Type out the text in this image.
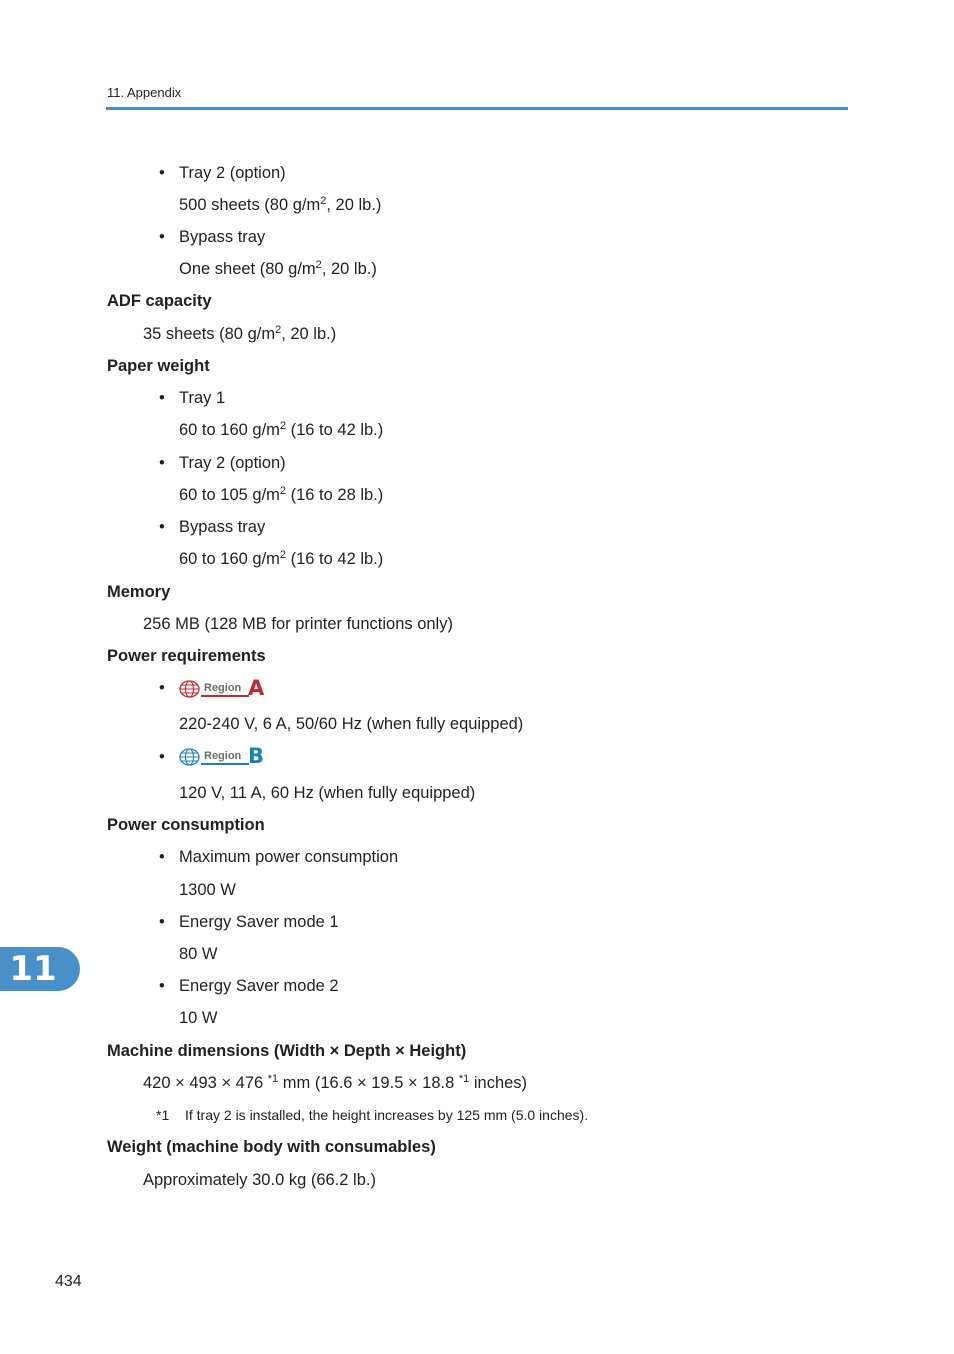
11. Appendix
• Tray 2 (option)
500 sheets (80 $g/m^2$, 20 lb.)
• Bypass tray
One sheet (80 $g/m^2$, 20 lb.)
ADF capacity
35 sheets (80 $g/m^2$, 20 lb.)
Paper weight
• Tray 1
60 to 160 $g/m^2$ (16 to 42 lb.)
• Tray 2 (option)
60 to 105 $g/m^2$ (16 to 28 lb.)
• Bypass tray
60 to 160 $g/m^2$ (16 to 42 lb.)
Memory
256 MB (128 MB for printer functions only)
Power requirements
•	Region A
220-240 V, 6 A, 50/60 Hz (when fully equipped)
•	Region B
120 V, 11 A, 60 Hz (when fully equipped)
Power consumption
• Maximum power consumption
1300 W
• Energy Saver mode 1
80 W
• Energy Saver mode 2
10 W
Machine dimensions (Width × Depth × Height)
420 × 493 × 476 $^{*1}$ mm (16.6 × 19.5 × 18.8 $^{*1}$ inches)
*1 If tray 2 is installed, the height increases by 125 mm (5.0 inches).
Weight (machine body with consumables)
Approximately 30.0 kg (66.2 lb.)
11
434
